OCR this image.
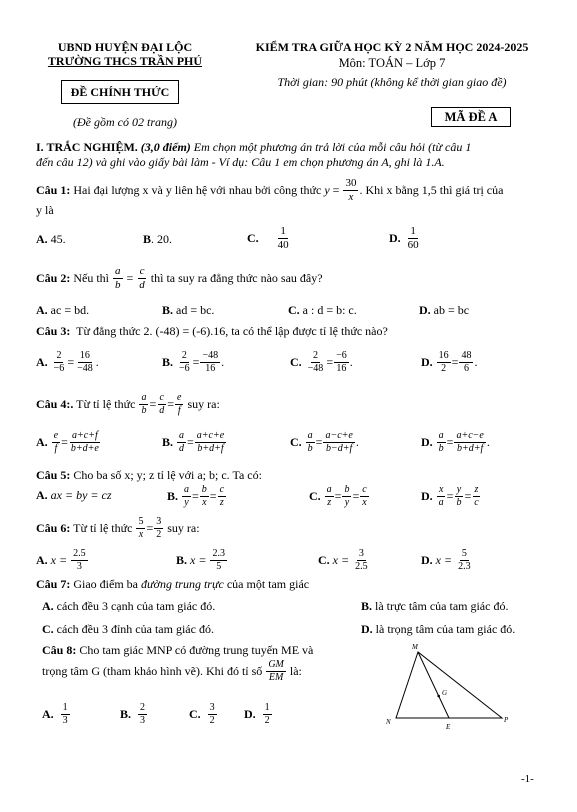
UBND HUYỆN ĐẠI LỘC
TRƯỜNG THCS TRẦN PHÚ
ĐỀ CHÍNH THỨC
(Đề gồm có 02 trang)
KIỂM TRA GIỮA HỌC KỲ 2 NĂM HỌC 2024-2025
Môn: TOÁN – Lớp 7
Thời gian: 90 phút (không kể thời gian giao đề)
MÃ ĐỀ A
I. TRẮC NGHIỆM. (3,0 điểm) Em chọn một phương án trả lời của mỗi câu hỏi (từ câu 1
đến câu 12) và ghi vào giấy bài làm - Ví dụ: Câu 1 em chọn phương án A, ghi là 1.A.
Câu 1: Hai đại lượng x và y liên hệ với nhau bởi công thức $y = \frac{30}{x}$ . Khi x bằng 1,5 thì giá trị của
y là
A. 45.	B. 20.	C. $\frac{1}{40}$	D. $\frac{1}{60}$
Câu 2: Nếu thì $\frac{a}{b} = \frac{c}{d}$ thì ta suy ra đẳng thức nào sau đây?
A. ac = bd.	B. ad = bc.	C. a : d = b: c.	D. ab = bc
Câu 3:  Từ đẳng thức 2. (-48) = (-6).16, ta có thể lập được tỉ lệ thức nào?
A. $\frac{2}{-6} = \frac{16}{-48}$ .	B. $\frac{2}{-6} = \frac{-48}{16}$ .	C. $\frac{2}{-48} = \frac{-6}{16}$ .	D. $\frac{16}{2} = \frac{48}{6}$ .
Câu 4:. Từ tỉ lệ thức $\frac{a}{b} = \frac{c}{d} = \frac{e}{f}$ suy ra:
A. $\frac{e}{f} = \frac{a+c+f}{b+d+e}$	B. $\frac{a}{d} = \frac{a+c+e}{b+d+f}$	C. $\frac{a}{b} = \frac{a-c+e}{b-d+f}$ .	D. $\frac{a}{b} = \frac{a+c-e}{b+d+f}$ .
Câu 5: Cho ba số x; y; z tỉ lệ với a; b; c. Ta có:
A. ax = by = cz	B. $\frac{a}{y} = \frac{b}{x} = \frac{c}{z}$	C. $\frac{a}{z} = \frac{b}{y} = \frac{c}{x}$	D. $\frac{x}{a} = \frac{y}{b} = \frac{z}{c}$
Câu 6: Từ tỉ lệ thức $\frac{5}{x} = \frac{3}{2}$ suy ra:
A. $x = \frac{2.5}{3}$	B. $x = \frac{2.3}{5}$	C. $x = \frac{3}{2.5}$	D. $x = \frac{5}{2.3}$
Câu 7: Giao điểm ba đường trung trực của một tam giác
A. cách đều 3 cạnh của tam giác đó.	B. là trực tâm của tam giác đó.
C. cách đều 3 đỉnh của tam giác đó.	D. là trọng tâm của tam giác đó.
Câu 8: Cho tam giác MNP có đường trung tuyến ME và
trọng tâm G (tham khảo hình vẽ). Khi đó tỉ số $\frac{GM}{EM}$ là:
A. $\frac{1}{3}$	B. $\frac{2}{3}$	C. $\frac{3}{2} D$. $\frac{1}{2}$
M
G
N
E
P
-1-
